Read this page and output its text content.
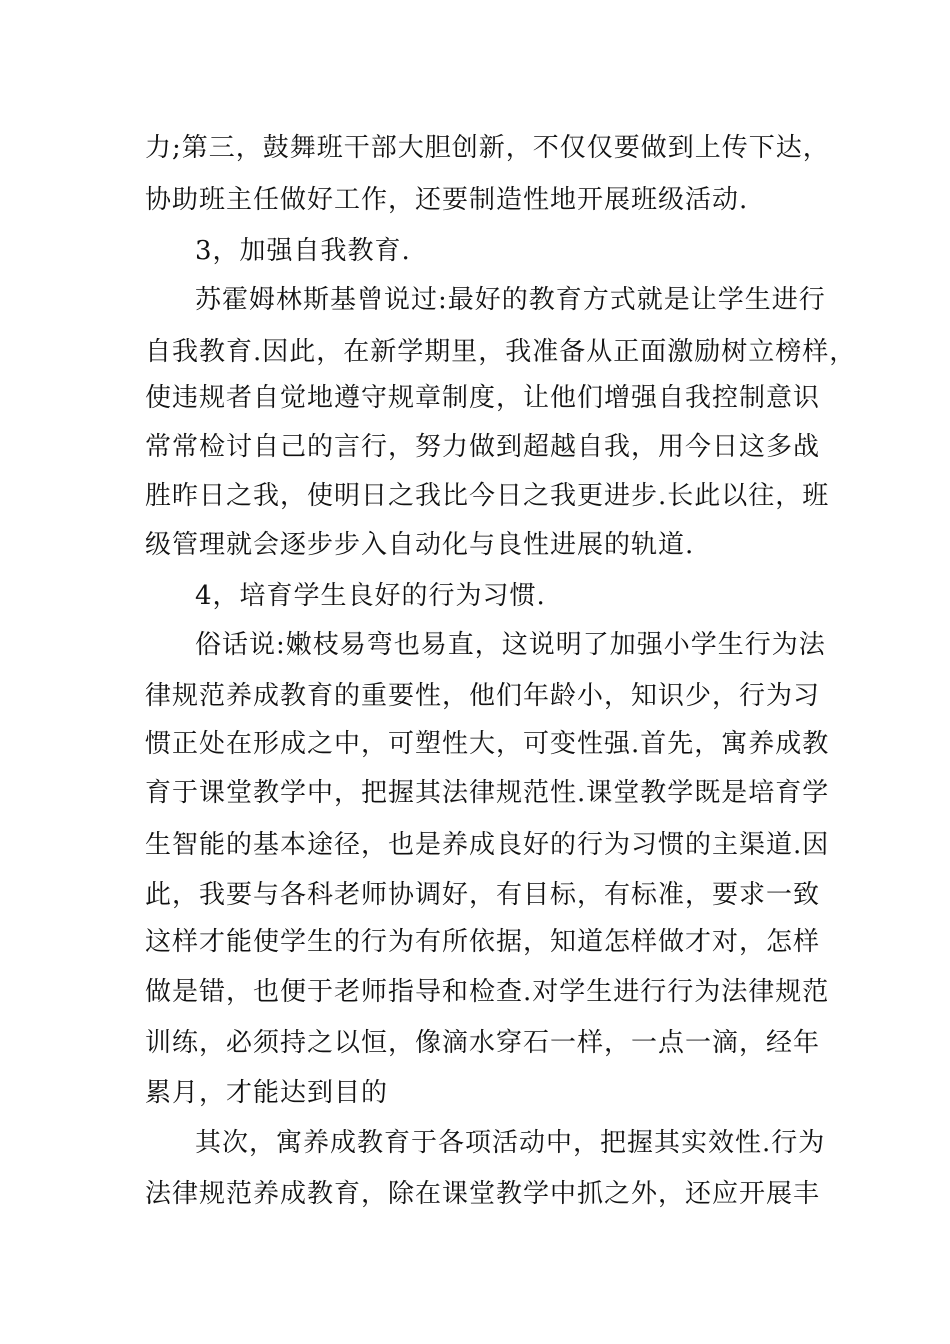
力;第三，鼓舞班干部大胆创新，不仅仅要做到上传下达，
协助班主任做好工作，还要制造性地开展班级活动.
3，加强自我教育.
苏霍姆林斯基曾说过:最好的教育方式就是让学生进行
自我教育.因此，在新学期里，我准备从正面激励树立榜样，
使违规者自觉地遵守规章制度，让他们增强自我控制意识
常常检讨自己的言行，努力做到超越自我，用今日这多战
胜昨日之我，使明日之我比今日之我更进步.长此以往，班
级管理就会逐步步入自动化与良性进展的轨道.
4，培育学生良好的行为习惯.
俗话说:嫩枝易弯也易直，这说明了加强小学生行为法
律规范养成教育的重要性，他们年龄小，知识少，行为习
惯正处在形成之中，可塑性大，可变性强.首先，寓养成教
育于课堂教学中，把握其法律规范性.课堂教学既是培育学
生智能的基本途径，也是养成良好的行为习惯的主渠道.因
此，我要与各科老师协调好，有目标，有标准，要求一致
这样才能使学生的行为有所依据，知道怎样做才对，怎样
做是错，也便于老师指导和检查.对学生进行行为法律规范
训练，必须持之以恒，像滴水穿石一样，一点一滴，经年
累月，才能达到目的
其次，寓养成教育于各项活动中，把握其实效性.行为
法律规范养成教育，除在课堂教学中抓之外，还应开展丰
